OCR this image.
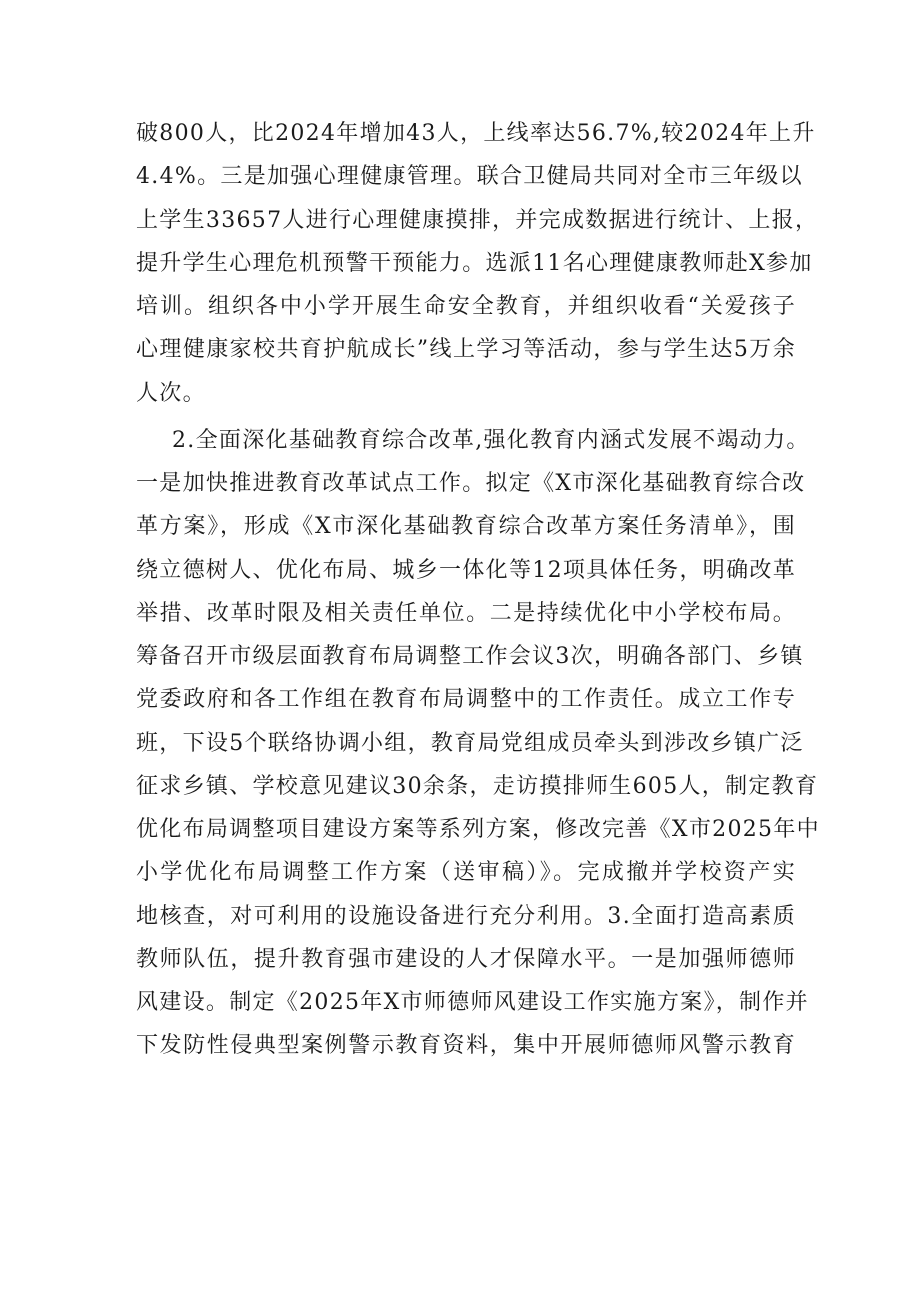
破800人，比2024年增加43人，上线率达56.7%,较2024年上升
4.4%。三是加强心理健康管理。联合卫健局共同对全市三年级以
上学生33657人进行心理健康摸排，并完成数据进行统计、上报，
提升学生心理危机预警干预能力。选派11名心理健康教师赴X参加
培训。组织各中小学开展生命安全教育，并组织收看“关爱孩子
心理健康家校共育护航成长”线上学习等活动，参与学生达5万余
人次。
2.全面深化基础教育综合改革,强化教育内涵式发展不竭动力。
一是加快推进教育改革试点工作。拟定《X市深化基础教育综合改
革方案》，形成《X市深化基础教育综合改革方案任务清单》，围
绕立德树人、优化布局、城乡一体化等12项具体任务，明确改革
举措、改革时限及相关责任单位。二是持续优化中小学校布局。
筹备召开市级层面教育布局调整工作会议3次，明确各部门、乡镇
党委政府和各工作组在教育布局调整中的工作责任。成立工作专
班，下设5个联络协调小组，教育局党组成员牵头到涉改乡镇广泛
征求乡镇、学校意见建议30余条，走访摸排师生605人，制定教育
优化布局调整项目建设方案等系列方案，修改完善《X市2025年中
小学优化布局调整工作方案（送审稿）》。完成撤并学校资产实
地核查，对可利用的设施设备进行充分利用。3.全面打造高素质
教师队伍，提升教育强市建设的人才保障水平。一是加强师德师
风建设。制定《2025年X市师德师风建设工作实施方案》，制作并
下发防性侵典型案例警示教育资料，集中开展师德师风警示教育
